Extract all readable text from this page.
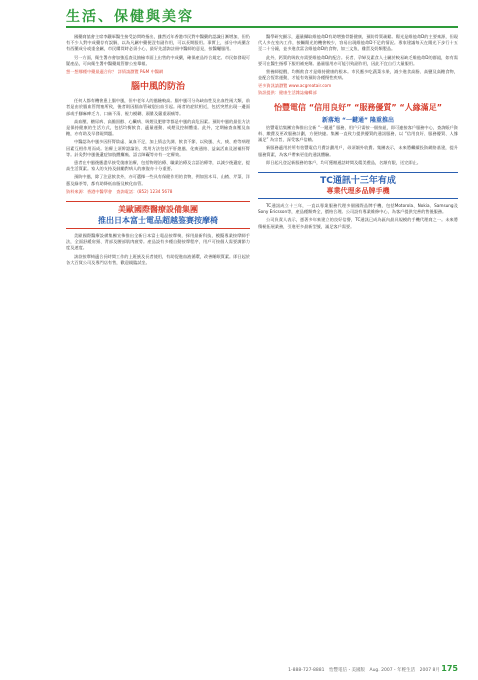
生活、保健與美容

國藥商協會主席李鐵軍醫生接受訪問時指出，雖然近年香港市民對中醫藥的認識日漸增加，但仍有不少人對中成藥存有誤解，以為凡屬中藥便沒有副作用，可以長期服用。事實上，部分中成藥含有西藥成分或重金屬，市民購買時必須小心，最好先諮詢註冊中醫師的意見，按醫囑服用。

另一方面，衛生署亦會加強巡查及抽檢市面上出售的中成藥，確保產品符合規定。市民如發現可疑產品，可向衛生署中醫藥規管辦公室舉報。

想一想哪種中藥最適合你？ 詳情請瀏覽 P&M 中醫網

腦中風的防治

任何人都有機會患上腦中風，但中老年人的風險較高。腦中風可分為缺血性及出血性兩大類，前者是由於腦血管閉塞所致，後者則因腦血管破裂出血引起。兩者的症狀相近，包括突然出現一邊面部或手腳麻痺乏力、口齒不清、視力模糊、頭暈及嚴重頭痛等。

高血壓、糖尿病、高膽固醇、心臟病、吸煙及肥胖等都是中風的高危因素。預防中風的最佳方法是保持健康的生活方式，包括均衡飲食、適量運動、戒煙及控制體重。此外，定期檢查血壓及血糖，亦有助及早發現問題。

中醫認為中風多因肝腎陰虛、氣血不足，加上情志失調、飲食不節，以致風、火、痰、瘀等病理因素互相作用而成。治療上須辨證論治，常用方法包括平肝熄風、化痰通絡、益氣活血及滋補肝腎等。針灸對中風後遺症如肢體癱瘓、語言障礙等亦有一定療效。

患者在中風後應盡早接受復康治療，包括物理治療、職業治療及言語治療等，以減少後遺症，提高生活質素。家人的支持及鼓勵對病人的康復亦十分重要。

預防中風，除了注意飲食外，亦可選擇一些具有保健作用的食物，例如黑木耳、山楂、芹菜、洋蔥及綠茶等，都有助降低血脂及軟化血管。

資料來源：香港中醫學會　查詢電話：(852) 1234 5678

美歐國際醫療設備集團
推出日本富士電品超越鉴赛按摩椅

美歐國際醫療設備集團宣佈推出全新日本富士電品按摩椅，採用最新科技，模擬專業按摩師手法，全面舒緩肩頸、背部及腰部肌肉疲勞。產品設有多種自動按摩程序，用戶可按個人需要調節力度及速度。

該款按摩椅適合長時間工作的上班族及長者使用，有助促進血液循環，改善睡眠質素。即日起於各大百貨公司及專門店有售，歡迎親臨試坐。

醫學研究顯示，適量攝取維他命D有助增強骨骼健康，預防骨質疏鬆。陽光是維他命D的主要來源，但現代人多在室內工作，接觸陽光的機會較少，容易出現維他命D不足的情況。專家建議每天在陽光下步行十五至二十分鐘，並多進食富含維他命D的食物，如三文魚、雞蛋及奶類製品。

此外，鈣質的吸收亦需要維他命D的配合。長者、孕婦及素食人士屬於較易缺乏維他命D的群組，如有需要可在醫生指導下服用補充劑。過量服用亦可能引致副作用，因此不宜自行大量服用。

營養師提醒，均衡飲食才是維持健康的根本。市民應多吃蔬菜水果，減少進食高脂、高鹽及高糖食物，並配合恆常運動，才能有效預防各種慢性疾病。

更多資訊請瀏覽 www.acgreatair.com

資訊提供：健康生活雜誌編輯部

怡豐電信 “信用良好” “服務優質” “人緣滿足”
新落地 “一鍵通” 隆重推出

怡豐電信集團宣佈推出全新 “一鍵通” 服務，用戶只需按一個按鈕，即可連接客戶服務中心，查詢賬戶資料、繳費及更改服務計劃，方便快捷。集團一直致力提供優質的通訊服務，以 “信用良好、服務優質、人緣滿足” 為宗旨，深受客戶信賴。

新服務適用於所有怡豐電信月費計劃用戶，毋須額外收費。集團表示，未來將繼續投資網絡基建，提升服務質素，為客戶帶來更佳的通訊體驗。

即日起凡登記新服務的客戶，均可獲贈通話時間及精美禮品，名額有限，送完即止。

TC通訊十三年有成
專業代理多品牌手機

TC通訊成立十三年，一直以專業服務代理多個國際品牌手機，包括Motorola、Nokia、Samsung及Sony Ericsson等，產品種類齊全，價格合理。公司設有專業維修中心，為客戶提供完善的售後服務。

公司負責人表示，憑著多年來建立的良好信譽，TC通訊已成為區內最具規模的手機代理商之一。未來將積極拓展業務，引進更多最新型號，滿足客戶需要。

1-888-727-8881　怡豐電信・美國版　Aug. 2007・年輕生活　2007 8月 175
